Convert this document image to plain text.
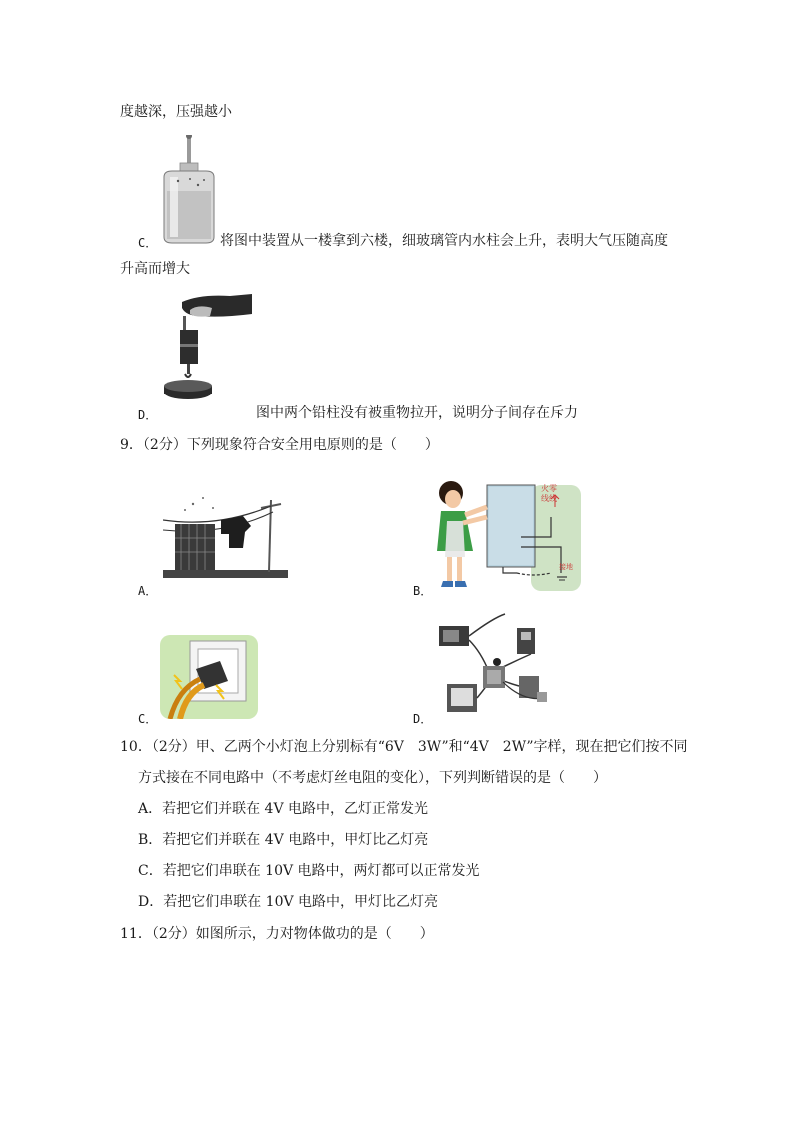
度越深，压强越小
C．	将图中装置从一楼拿到六楼，细玻璃管内水柱会上升，表明大气压随高度
升高而增大
D．	图中两个铅柱没有被重物拉开，说明分子间存在斥力
9．（2分）下列现象符合安全用电原则的是（　　）
A．
火零
线线
接地
B．
C．	D．
10．（2分）甲、乙两个小灯泡上分别标有“6V　3W”和“4V　2W”字样，现在把它们按不同
方式接在不同电路中（不考虑灯丝电阻的变化），下列判断错误的是（　　）
A．若把它们并联在 4V 电路中，乙灯正常发光
B．若把它们并联在 4V 电路中，甲灯比乙灯亮
C．若把它们串联在 10V 电路中，两灯都可以正常发光
D．若把它们串联在 10V 电路中，甲灯比乙灯亮
11．（2分）如图所示，力对物体做功的是（　　）
